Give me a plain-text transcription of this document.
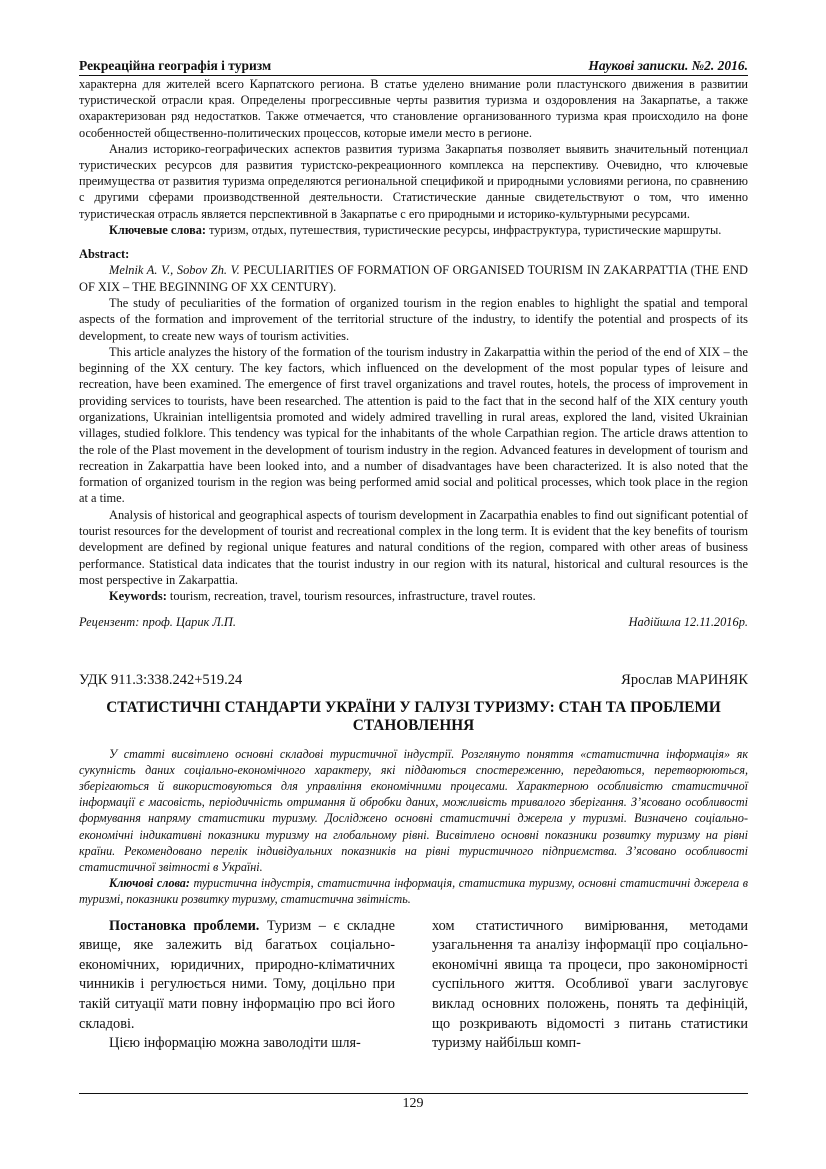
Рекреаційна географія і туризм	Наукові записки. №2. 2016.

характерна для жителей всего Карпатского региона. В статье уделено внимание роли пластунского движения в развитии туристической отрасли края. Определены прогрессивные черты развития туризма и оздоровления на Закарпатье, а также охарактеризован ряд недостатков. Также отмечается, что становление организованного туризма края происходило на фоне особенностей общественно-политических процессов, которые имели место в регионе.

Анализ историко-географических аспектов развития туризма Закарпатья позволяет выявить значительный потенциал туристических ресурсов для развития туристско-рекреационного комплекса на перспективу. Очевидно, что ключевые преимущества от развития туризма определяются региональной спецификой и природными условиями региона, по сравнению с другими сферами производственной деятельности. Статистические данные свидетельствуют о том, что именно туристическая отрасль является перспективной в Закарпатье с его природными и историко-культурными ресурсами.

Ключевые слова: туризм, отдых, путешествия, туристические ресурсы, инфраструктура, туристические маршруты.

Abstract:

Melnik A. V., Sobov Zh. V. PECULIARITIES OF FORMATION OF ORGANISED TOURISM IN ZAKARPATTIA (THE END OF XIX – THE BEGINNING OF XX CENTURY).

The study of peculiarities of the formation of organized tourism in the region enables to highlight the spatial and temporal aspects of the formation and improvement of the territorial structure of the industry, to identify the potential and prospects of its development, to create new ways of tourism activities.

This article analyzes the history of the formation of the tourism industry in Zakarpattia within the period of the end of XIX – the beginning of the XX century. The key factors, which influenced on the development of the most popular types of leisure and recreation, have been examined. The emergence of first travel organizations and travel routes, hotels, the process of improvement in providing services to tourists, have been researched. The attention is paid to the fact that in the second half of the XIX century youth organizations, Ukrainian intelligentsia promoted and widely admired travelling in rural areas, explored the land, visited Ukrainian villages, studied folklore. This tendency was typical for the inhabitants of the whole Carpathian region. The article draws attention to the role of the Plast movement in the development of tourism industry in the region. Advanced features in development of tourism and recreation in Zakarpattia have been looked into, and a number of disadvantages have been characterized. It is also noted that the formation of organized tourism in the region was being performed amid social and political processes, which took place in the region at a time.

Analysis of historical and geographical aspects of tourism development in Zacarpathia enables to find out significant potential of tourist resources for the development of tourist and recreational complex in the long term. It is evident that the key benefits of tourism development are defined by regional unique features and natural conditions of the region, compared with other areas of business performance. Statistical data indicates that the tourist industry in our region with its natural, historical and cultural resources is the most perspective in Zakarpattia.

Keywords: tourism, recreation, travel, tourism resources, infrastructure, travel routes.

Рецензент: проф. Царик Л.П.	Надійшла 12.11.2016р.
УДК 911.3:338.242+519.24	Ярослав МАРИНЯК
СТАТИСТИЧНІ СТАНДАРТИ УКРАЇНИ У ГАЛУЗІ ТУРИЗМУ: СТАН ТА ПРОБЛЕМИ СТАНОВЛЕННЯ

У статті висвітлено основні складові туристичної індустрії. Розглянуто поняття «статистична інформація» як сукупність даних соціально-економічного характеру, які піддаються спостереженню, передаються, перетворюються, зберігаються й використовуються для управління економічними процесами. Характерною особливістю статистичної інформації є масовість, періодичність отримання й обробки даних, можливість тривалого зберігання. З’ясовано особливості формування напряму статистики туризму. Досліджено основні статистичні джерела у туризмі. Визначено соціально-економічні індикативні показники туризму на глобальному рівні. Висвітлено основні показники розвитку туризму на рівні країни. Рекомендовано перелік індивідуальних показників на рівні туристичного підприємства. З’ясовано особливості статистичної звітності в Україні.

Ключові слова: туристична індустрія, статистична інформація, статистика туризму, основні статистичні джерела в туризмі, показники розвитку туризму, статистична звітність.

Постановка проблеми. Туризм – є складне явище, яке залежить від багатьох соціально-економічних, юридичних, природно-кліматичних чинників і регулюється ними. Тому, доцільно при такій ситуації мати повну інформацію про всі його складові.

Цією інформацію можна заволодіти шля-

хом статистичного вимірювання, методами узагальнення та аналізу інформації про соціально-економічні явища та процеси, про закономірності суспільного життя. Особливої уваги заслуговує виклад основних положень, понять та дефініцій, що розкривають відомості з питань статистики туризму найбільш комп-

129
